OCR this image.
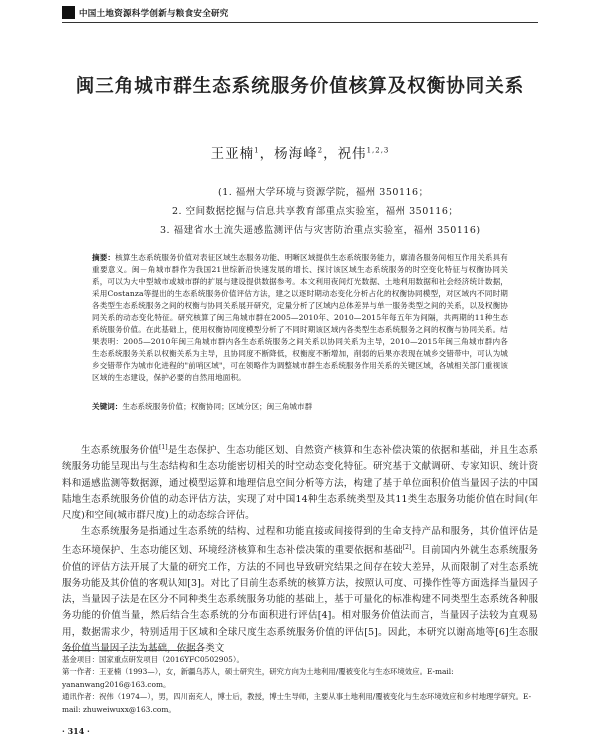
中国土地资源科学创新与粮食安全研究
闽三角城市群生态系统服务价值核算及权衡协同关系
王亚楠$^1$，杨海峰$^2$，祝伟$^{1,2,3}$
(1. 福州大学环境与资源学院，福州 350116；
2. 空间数据挖掘与信息共享教育部重点实验室，福州 350116；
3. 福建省水土流失遥感监测评估与灾害防治重点实验室，福州 350116)
摘要：核算生态系统服务价值对表征区域生态服务功能、明晰区域提供生态系统服务能力，廓清各服务间相互作用关系具有重要意义。闽－角城市群作为我国21世综新沿快速发展的增长、探讨该区域生态系统服务的时空变化特征与权衡协同关系，可以为大中型城市或城市群的扩展与建设提供数据参考。本文利用夜间灯光数据、土地利用数据和社会经济统计数据，采用Costanza等提出的生态系统服务价值评估方法，建之以逐时期动态变化分析占化的权衡协同模型，对区域内不同时期各类型生态系统服务之间的权衡与协同关系展开研究，定量分析了区域内总体差异与单一服务类型之间的关系，以及权衡协同关系的动态变化特征。研究核算了闽三角城市群在2005—2010年、2010—2015年每五年为间隔，共两期的11种生态系统服务价值。在此基础上，使用权衡协同度模型分析了不同时期该区域内各类型生态系统服务之间的权衡与协同关系。结果表明：2005—2010年闽三角城市群内各生态系统服务之间关系以协同关系为主导，2010—2015年闽三角城市群内各生态系统服务关系以权衡关系为主导，且协同度不断降低，权衡度不断增加，削弱的后果亦表现在城乡交错带中，可认为城乡交错带作为城市化进程的"前哨区域"，可在领略作为调整城市群生态系统服务作用关系的关键区域，各城相关部门重视该区域的生态建设，保护必要的自然用地面积。
关键词：生态系统服务价值；权衡协同；区域分区；闽三角城市群

生态系统服务价值[1]是生态保护、生态功能区划、自然资产核算和生态补偿决策的依据和基础，并且生态系统服务功能呈现出与生态结构和生态功能密切相关的时空动态变化特征。研究基于文献调研、专家知识、统计资料和遥感监测等数据源，通过模型运算和地理信息空间分析等方法，构建了基于单位面积价值当量因子法的中国陆地生态系统服务价值的动态评估方法，实现了对中国14种生态系统类型及其11类生态服务功能价值在时间(年尺度)和空间(城市群尺度)上的动态综合评估。

生态系统服务是指通过生态系统的结构、过程和功能直接或间接得到的生命支持产品和服务，其价值评估是生态环境保护、生态功能区划、环境经济核算和生态补偿决策的重要依据和基础[2]。目前国内外就生态系统服务价值的评估方法开展了大量的研究工作，方法的不同也导致研究结果之间存在较大差异，从而限制了对生态系统服务功能及其价值的客观认知[3]。对比了目前生态系统的核算方法，按照认可度、可操作性等方面选择当量因子法，当量因子法是在区分不同种类生态系统服务功能的基础上，基于可量化的标准构建不同类型生态系统各种服务功能的价值当量，然后结合生态系统的分布面积进行评估[4]。相对服务价值法而言，当量因子法较为直观易用，数据需求少，特别适用于区域和全球尺度生态系统服务价值的评估[5]。因此，本研究以谢高地等[6]生态服务价值当量因子法为基础，依据各类文

基金项目：国家重点研发项目（2016YFC0502905）。
第一作者：王亚楠（1993—），女，新疆乌苏人，硕士研究生，研究方向为土地利用/覆被变化与生态环境效应。E-mail: yananwang2016@163.com。
通讯作者：祝伟（1974—），男，四川南充人，博士后，教授，博士生导师，主要从事土地利用/覆被变化与生态环境效应和乡村地理学研究。E-mail: zhuweiwuxx@163.com。
· 314 ·
